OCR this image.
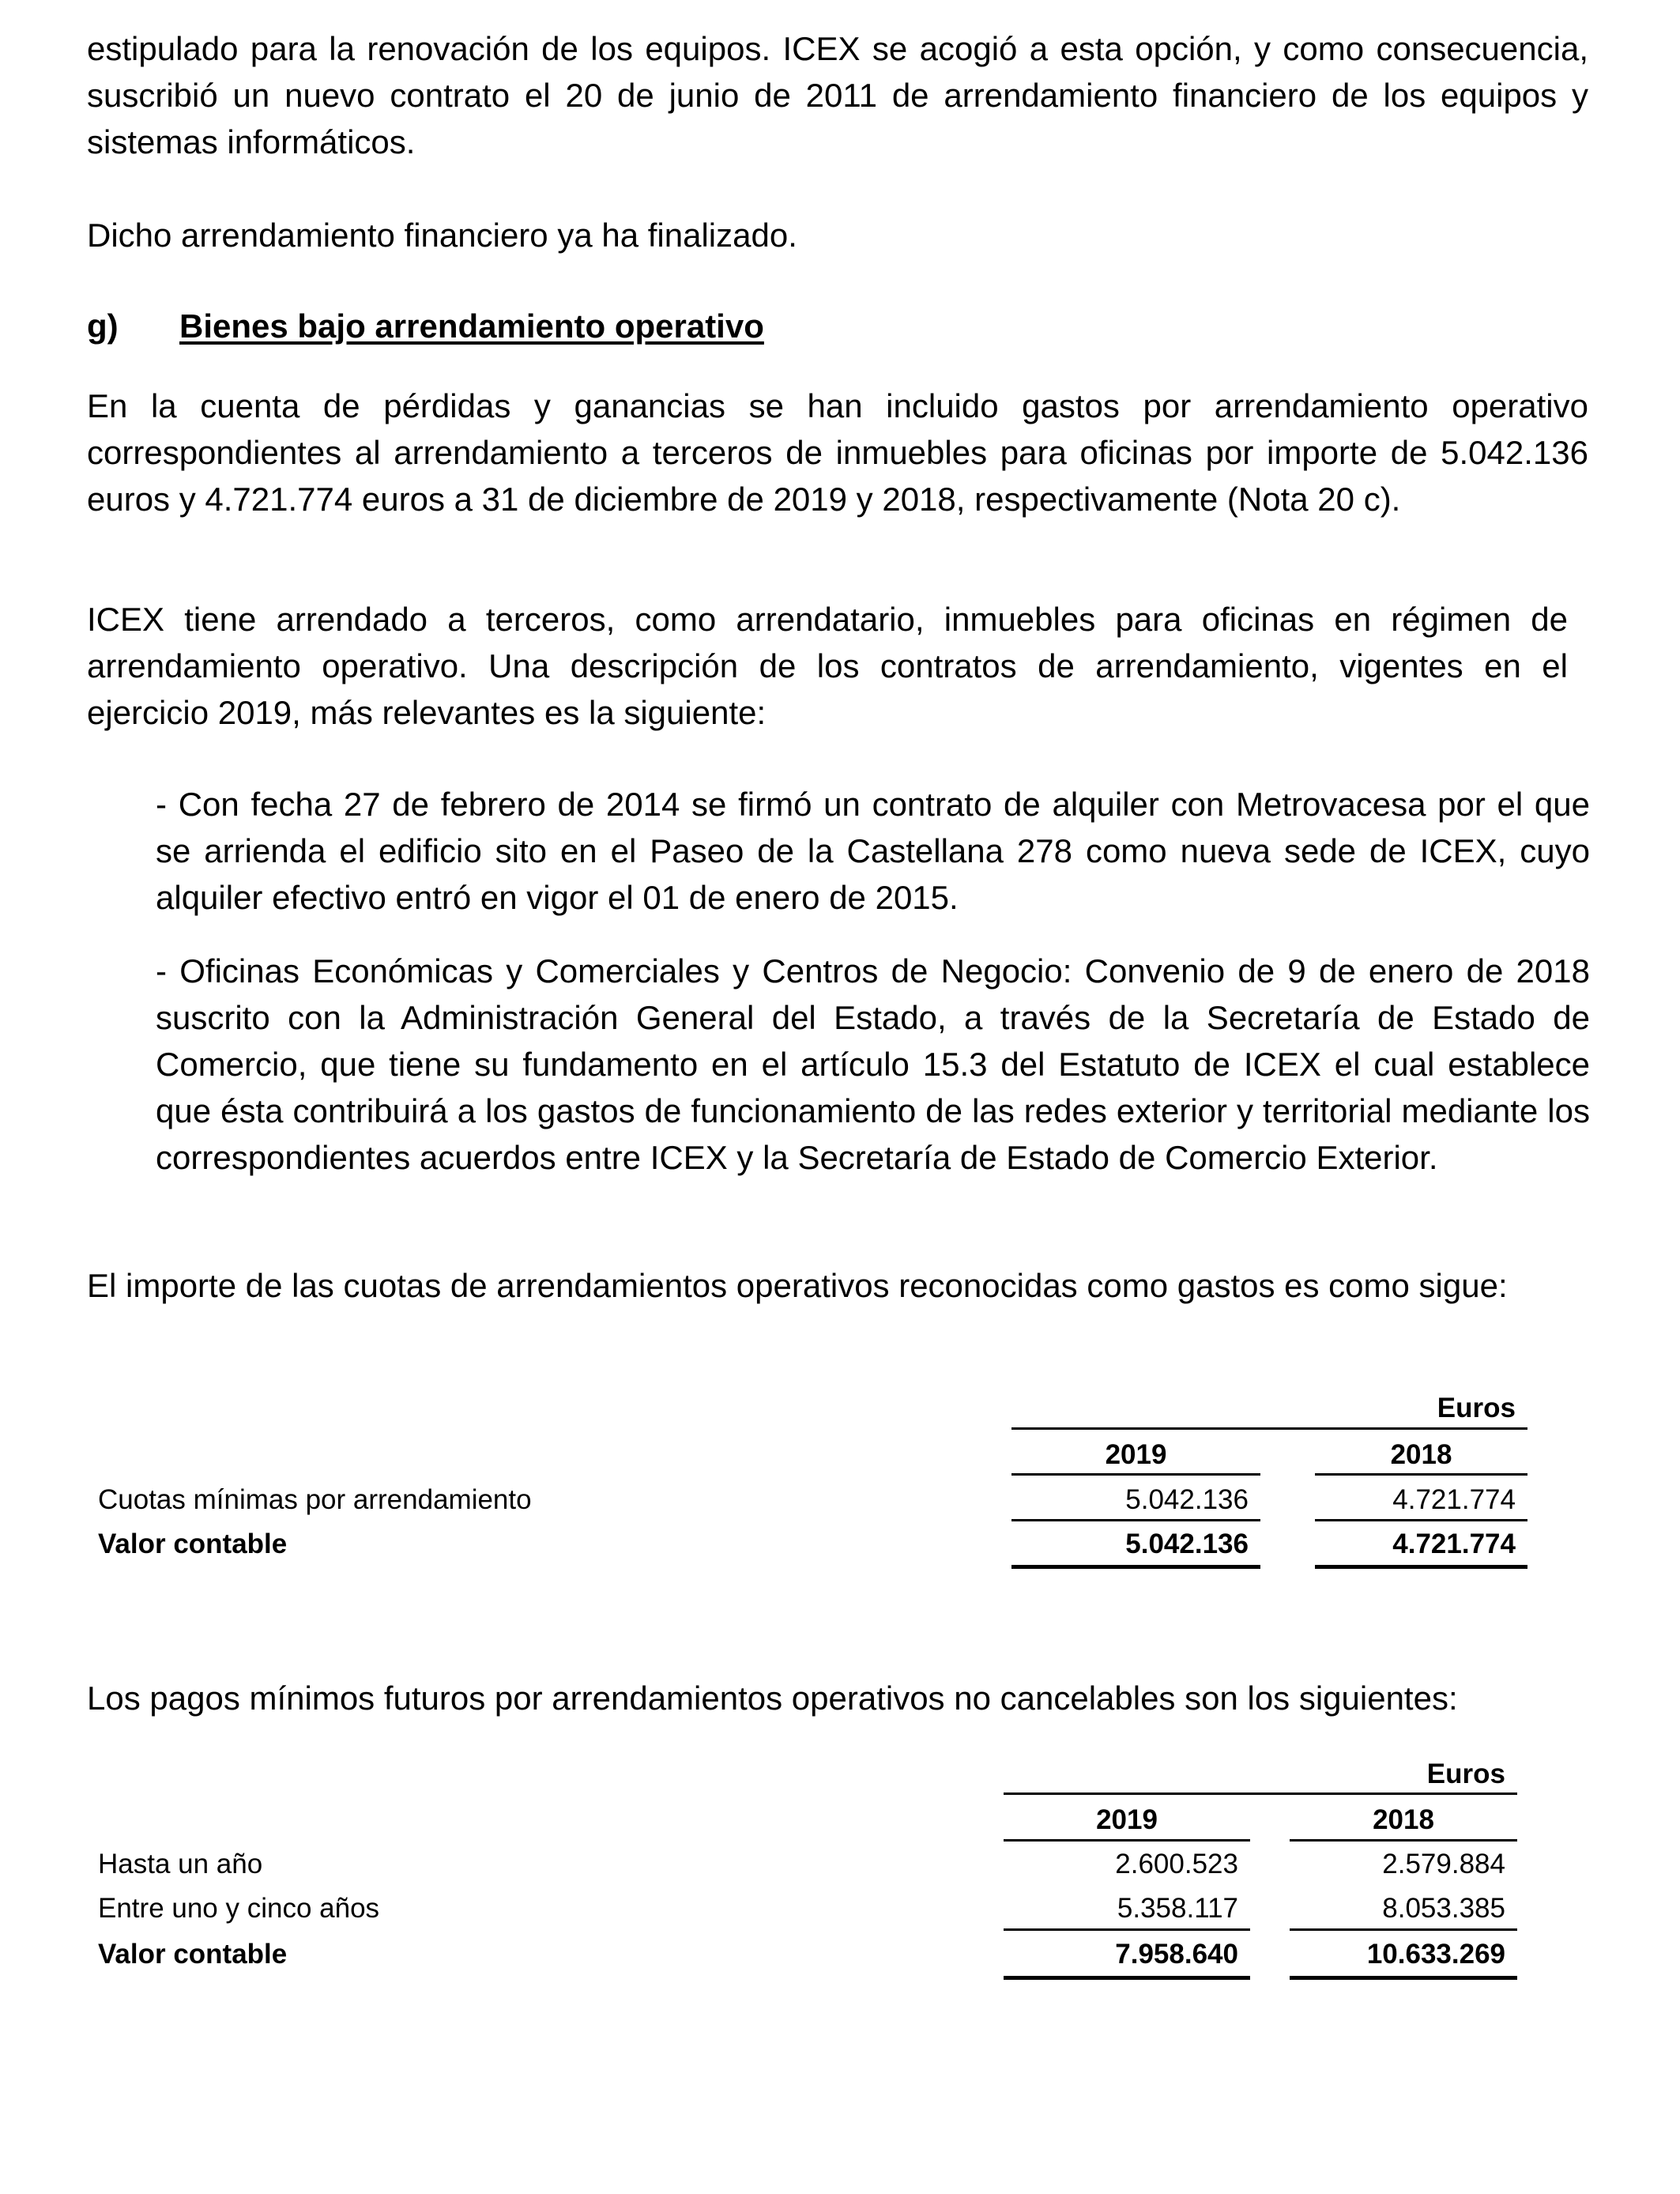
estipulado para la renovación de los equipos. ICEX se acogió a esta opción, y como consecuencia, suscribió un nuevo contrato el 20 de junio de 2011 de arrendamiento financiero de los equipos y sistemas informáticos.

Dicho arrendamiento financiero ya ha finalizado.

g) Bienes bajo arrendamiento operativo

En la cuenta de pérdidas y ganancias se han incluido gastos por arrendamiento operativo correspondientes al arrendamiento a terceros de inmuebles para oficinas por importe de 5.042.136 euros y 4.721.774 euros a 31 de diciembre de 2019 y 2018, respectivamente (Nota 20 c).

ICEX tiene arrendado a terceros, como arrendatario, inmuebles para oficinas en régimen de arrendamiento operativo. Una descripción de los contratos de arrendamiento, vigentes en el ejercicio 2019, más relevantes es la siguiente:

- Con fecha 27 de febrero de 2014 se firmó un contrato de alquiler con Metrovacesa por el que se arrienda el edificio sito en el Paseo de la Castellana 278 como nueva sede de ICEX, cuyo alquiler efectivo entró en vigor el 01 de enero de 2015.

- Oficinas Económicas y Comerciales y Centros de Negocio: Convenio de 9 de enero de 2018 suscrito con la Administración General del Estado, a través de la Secretaría de Estado de Comercio, que tiene su fundamento en el artículo 15.3 del Estatuto de ICEX el cual establece que ésta contribuirá a los gastos de funcionamiento de las redes exterior y territorial mediante los correspondientes acuerdos entre ICEX y la Secretaría de Estado de Comercio Exterior.

El importe de las cuotas de arrendamientos operativos reconocidas como gastos es como sigue:

Euros
2019	2018
Cuotas mínimas por arrendamiento	5.042.136	4.721.774
Valor contable	5.042.136	4.721.774

Los pagos mínimos futuros por arrendamientos operativos no cancelables son los siguientes:

Euros
2019	2018
Hasta un año	2.600.523	2.579.884
Entre uno y cinco años	5.358.117	8.053.385
Valor contable	7.958.640	10.633.269
